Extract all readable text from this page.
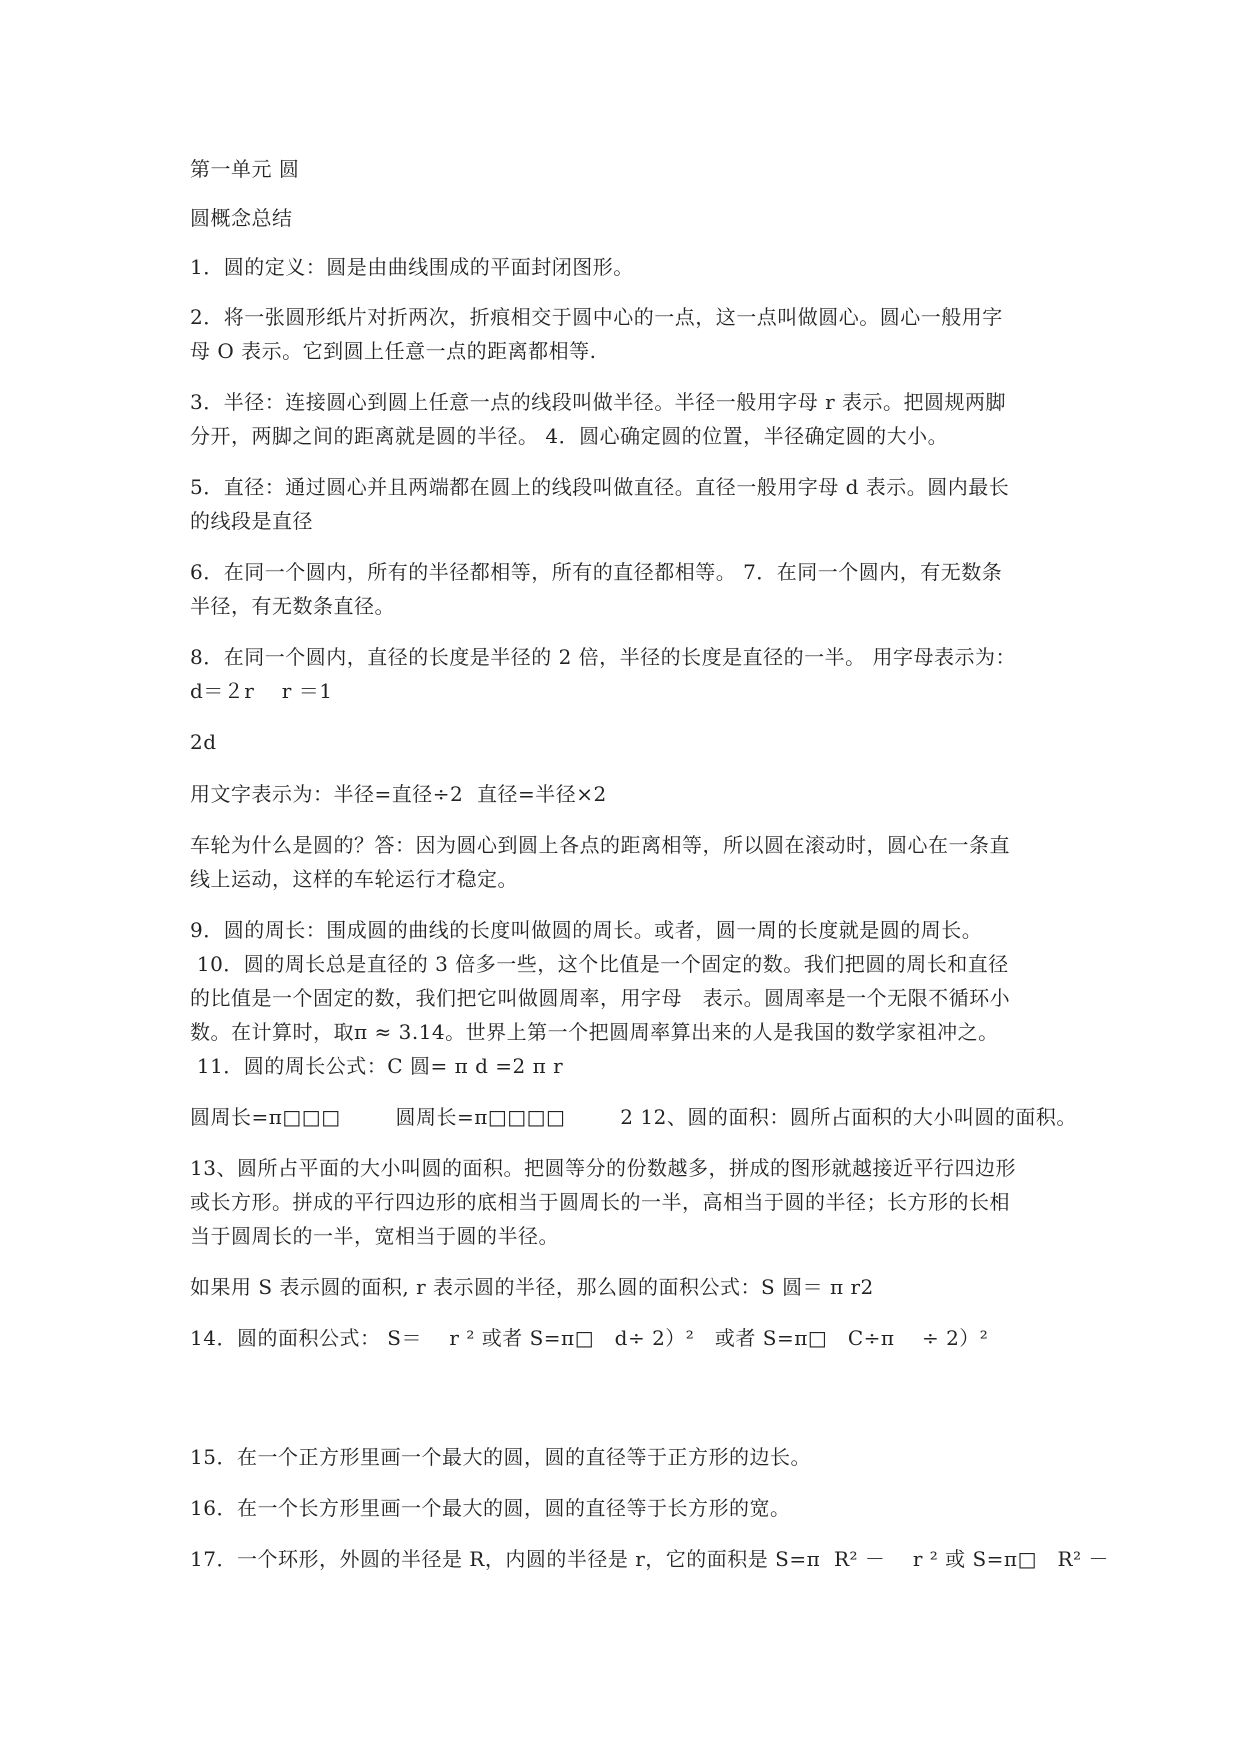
第一单元 圆
圆概念总结
1．圆的定义：圆是由曲线围成的平面封闭图形。
2．将一张圆形纸片对折两次，折痕相交于圆中心的一点，这一点叫做圆心。圆心一般用字
母 O 表示。它到圆上任意一点的距离都相等.
3．半径：连接圆心到圆上任意一点的线段叫做半径。半径一般用字母 r 表示。把圆规两脚
分开，两脚之间的距离就是圆的半径。 4．圆心确定圆的位置，半径确定圆的大小。
5．直径：通过圆心并且两端都在圆上的线段叫做直径。直径一般用字母 d 表示。圆内最长
的线段是直径
6．在同一个圆内，所有的半径都相等，所有的直径都相等。 7．在同一个圆内，有无数条
半径，有无数条直径。
8．在同一个圆内，直径的长度是半径的 2 倍，半径的长度是直径的一半。 用字母表示为：
d＝２r    r ＝1
2d
用文字表示为：半径=直径÷2  直径=半径×2
车轮为什么是圆的？答：因为圆心到圆上各点的距离相等，所以圆在滚动时，圆心在一条直
线上运动，这样的车轮运行才稳定。
9．圆的周长：围成圆的曲线的长度叫做圆的周长。或者，圆一周的长度就是圆的周长。
10．圆的周长总是直径的 3 倍多一些，这个比值是一个固定的数。我们把圆的周长和直径
的比值是一个固定的数，我们把它叫做圆周率，用字母   表示。圆周率是一个无限不循环小
数。在计算时，取π ≈ 3.14。世界上第一个把圆周率算出来的人是我国的数学家祖冲之。
11．圆的周长公式：C 圆= π d =2 π r
圆周长=π□□□        圆周长=π□□□□        2 12、圆的面积：圆所占面积的大小叫圆的面积。
13、圆所占平面的大小叫圆的面积。把圆等分的份数越多，拼成的图形就越接近平行四边形
或长方形。拼成的平行四边形的底相当于圆周长的一半，高相当于圆的半径；长方形的长相
当于圆周长的一半，宽相当于圆的半径。
如果用 S 表示圆的面积, r 表示圆的半径，那么圆的面积公式：S 圆＝ π r2
14．圆的面积公式： S＝    r ² 或者 S=π□   d÷ 2）²   或者 S=π□   C÷π    ÷ 2）²
15．在一个正方形里画一个最大的圆，圆的直径等于正方形的边长。
16．在一个长方形里画一个最大的圆，圆的直径等于长方形的宽。
17．一个环形，外圆的半径是 R，内圆的半径是 r，它的面积是 S=π  R² －    r ² 或 S=π□   R² －
